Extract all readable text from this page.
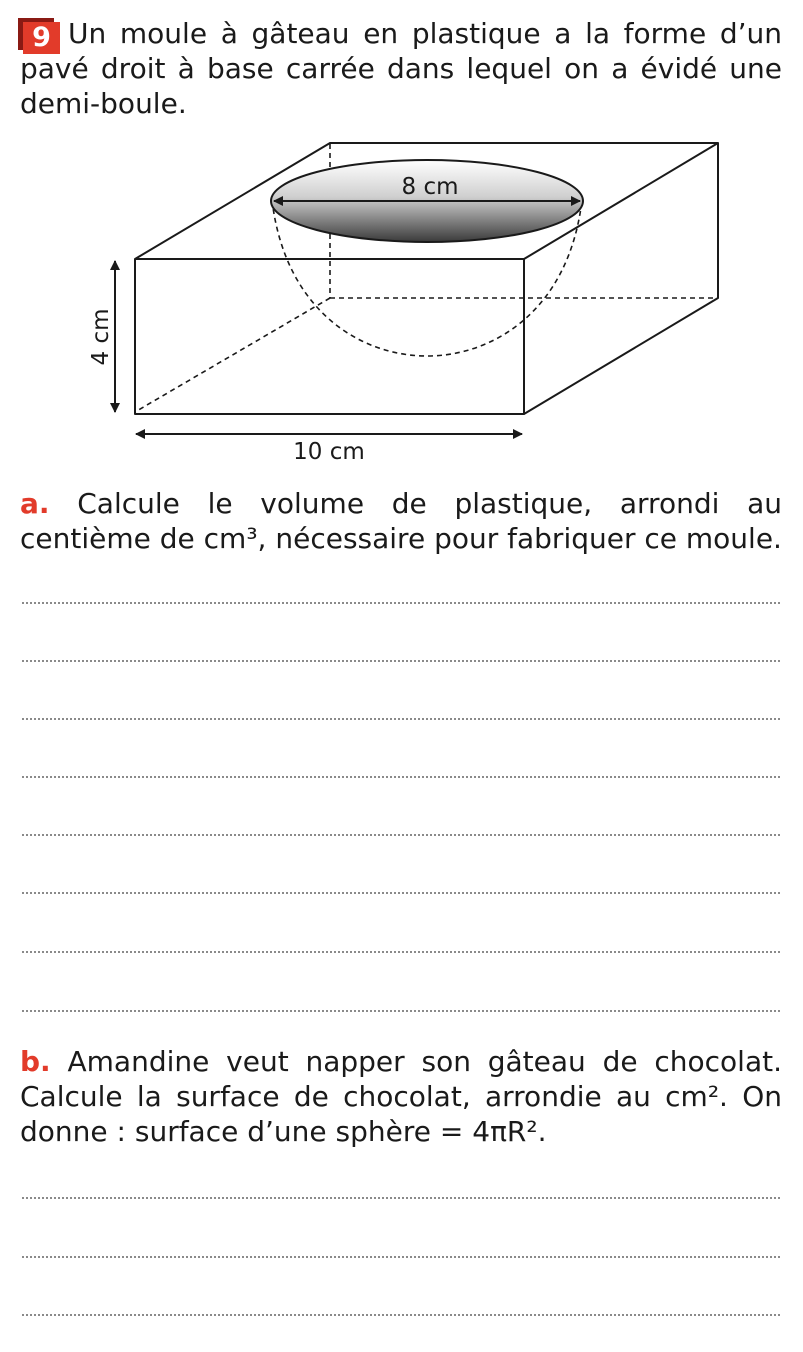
9 Un moule à gâteau en plastique a la forme d’un pavé droit à base carrée dans lequel on a évidé une demi-boule.

8 cm
4 cm
10 cm

a. Calcule le volume de plastique, arrondi au centième de cm³, nécessaire pour fabriquer ce moule.

b. Amandine veut napper son gâteau de chocolat. Calcule la surface de chocolat, arrondie au cm². On donne : surface d’une sphère = 4πR².
